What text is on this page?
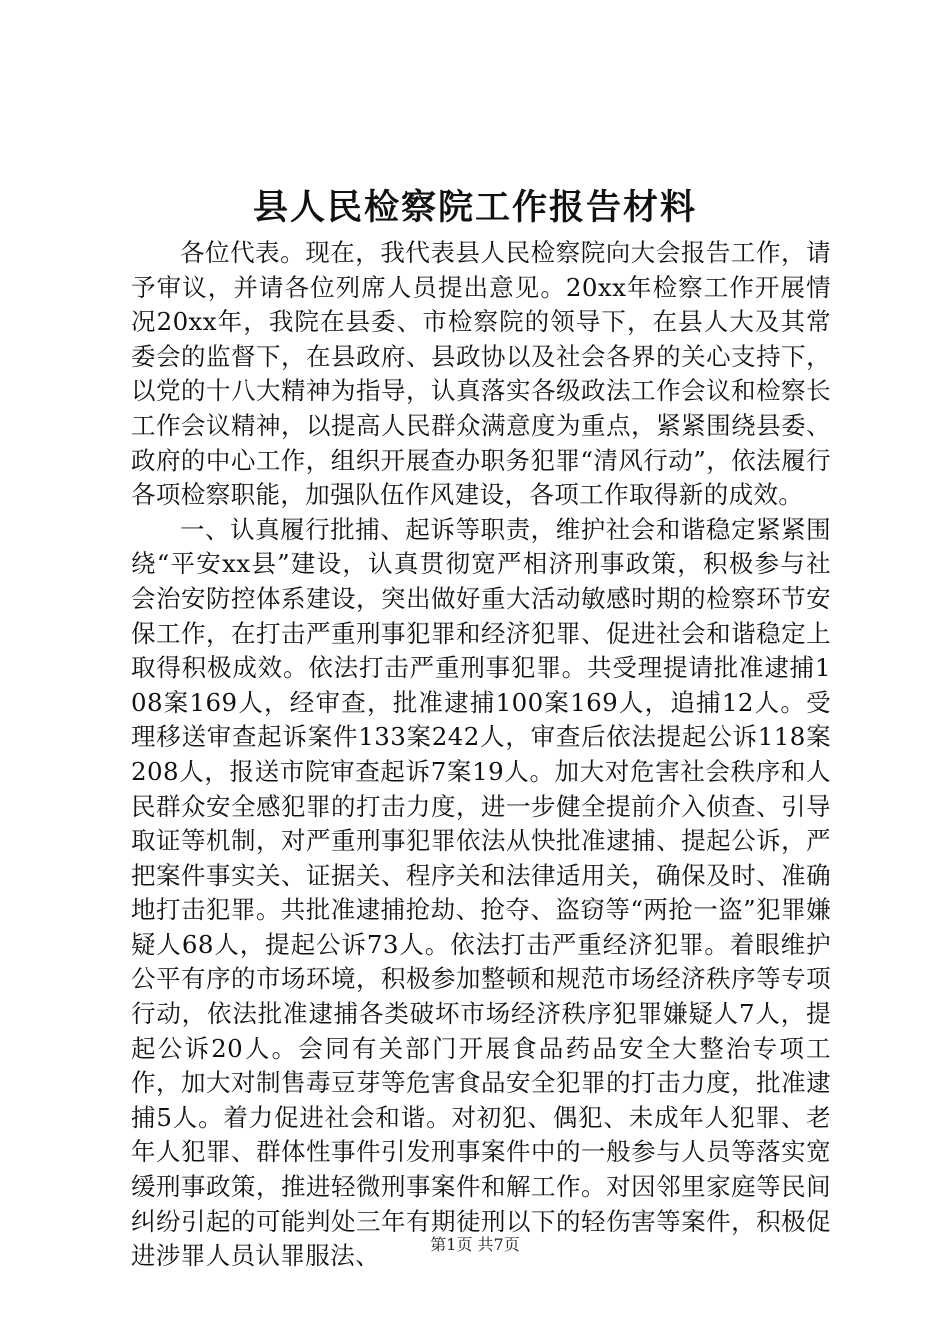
县人民检察院工作报告材料

各位代表。现在，我代表县人民检察院向大会报告工作，请予审议，并请各位列席人员提出意见。20xx年检察工作开展情况20xx年，我院在县委、市检察院的领导下，在县人大及其常委会的监督下，在县政府、县政协以及社会各界的关心支持下，以党的十八大精神为指导，认真落实各级政法工作会议和检察长工作会议精神，以提高人民群众满意度为重点，紧紧围绕县委、政府的中心工作，组织开展查办职务犯罪“清风行动”，依法履行各项检察职能，加强队伍作风建设，各项工作取得新的成效。

一、认真履行批捕、起诉等职责，维护社会和谐稳定紧紧围绕“平安xx县”建设，认真贯彻宽严相济刑事政策，积极参与社会治安防控体系建设，突出做好重大活动敏感时期的检察环节安保工作，在打击严重刑事犯罪和经济犯罪、促进社会和谐稳定上取得积极成效。依法打击严重刑事犯罪。共受理提请批准逮捕108案169人，经审查，批准逮捕100案169人，追捕12人。受理移送审查起诉案件133案242人，审查后依法提起公诉118案208人，报送市院审查起诉7案19人。加大对危害社会秩序和人民群众安全感犯罪的打击力度，进一步健全提前介入侦查、引导取证等机制，对严重刑事犯罪依法从快批准逮捕、提起公诉，严把案件事实关、证据关、程序关和法律适用关，确保及时、准确地打击犯罪。共批准逮捕抢劫、抢夺、盗窃等“两抢一盗”犯罪嫌疑人68人，提起公诉73人。依法打击严重经济犯罪。着眼维护公平有序的市场环境，积极参加整顿和规范市场经济秩序等专项行动，依法批准逮捕各类破坏市场经济秩序犯罪嫌疑人7人，提起公诉20人。会同有关部门开展食品药品安全大整治专项工作，加大对制售毒豆芽等危害食品安全犯罪的打击力度，批准逮捕5人。着力促进社会和谐。对初犯、偶犯、未成年人犯罪、老年人犯罪、群体性事件引发刑事案件中的一般参与人员等落实宽缓刑事政策，推进轻微刑事案件和解工作。对因邻里家庭等民间纠纷引起的可能判处三年有期徒刑以下的轻伤害等案件，积极促进涉罪人员认罪服法、	第1页 共7页
